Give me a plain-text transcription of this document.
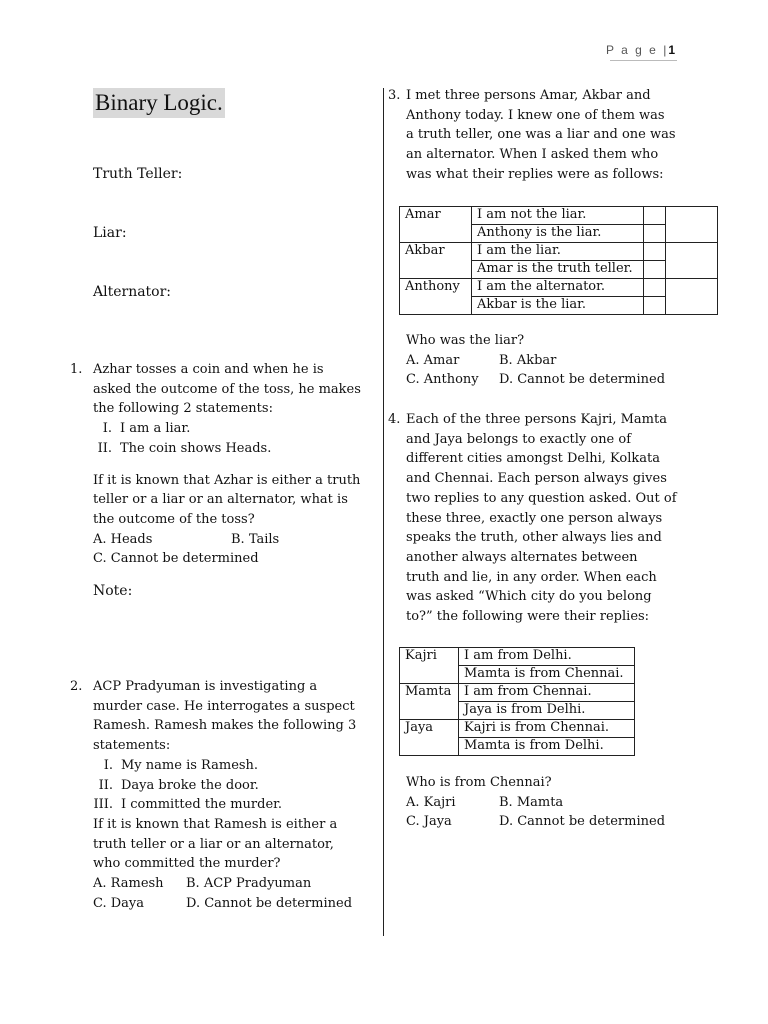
P a g e |1
Binary Logic.
Truth Teller:
Liar:
Alternator:
1. Azhar tosses a coin and when he is
asked the outcome of the toss, he makes
the following 2 statements:
I. I am a liar.
II. The coin shows Heads.
If it is known that Azhar is either a truth
teller or a liar or an alternator, what is
the outcome of the toss?
A. Heads	B. Tails
C. Cannot be determined
Note:
2. ACP Pradyuman is investigating a
murder case. He interrogates a suspect
Ramesh. Ramesh makes the following 3
statements:
I. My name is Ramesh.
II. Daya broke the door.
III. I committed the murder.
If it is known that Ramesh is either a
truth teller or a liar or an alternator,
who committed the murder?
A. Ramesh	B. ACP Pradyuman
C. Daya	D. Cannot be determined
3. I met three persons Amar, Akbar and
Anthony today. I knew one of them was
a truth teller, one was a liar and one was
an alternator. When I asked them who
was what their replies were as follows:
Amar	I am not the liar.		
	Anthony is the liar.		
Akbar	I am the liar.		
	Amar is the truth teller.		
Anthony	I am the alternator.		
	Akbar is the liar.		
Who was the liar?
A. Amar	B. Akbar
C. Anthony	D. Cannot be determined
4. Each of the three persons Kajri, Mamta
and Jaya belongs to exactly one of
different cities amongst Delhi, Kolkata
and Chennai. Each person always gives
two replies to any question asked. Out of
these three, exactly one person always
speaks the truth, other always lies and
another always alternates between
truth and lie, in any order. When each
was asked “Which city do you belong
to?” the following were their replies:
Kajri	I am from Delhi.
	Mamta is from Chennai.
Mamta	I am from Chennai.
	Jaya is from Delhi.
Jaya	Kajri is from Chennai.
	Mamta is from Delhi.
Who is from Chennai?
A. Kajri	B. Mamta
C. Jaya	D. Cannot be determined
